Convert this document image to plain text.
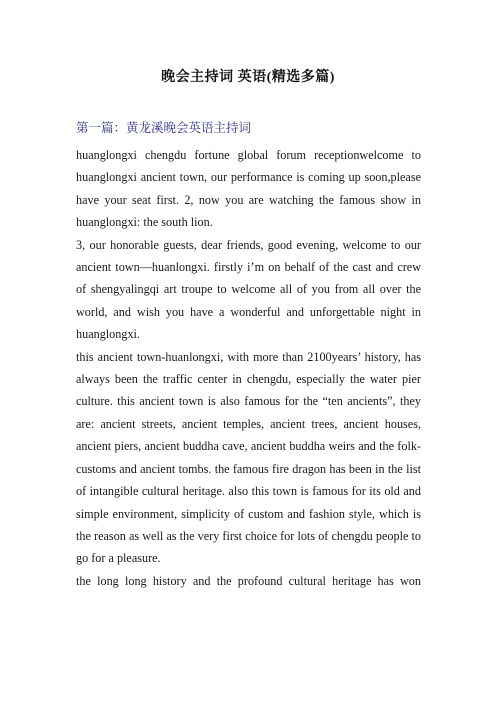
晚会主持词 英语(精选多篇)
第一篇：黄龙溪晚会英语主持词

huanglongxi chengdu fortune global forum receptionwelcome to huanglongxi ancient town, our performance is coming up soon,please have your seat first. 2, now you are watching the famous show in huanglongxi: the south lion.

3, our honorable guests, dear friends, good evening, welcome to our ancient town—huanlongxi. firstly i’m on behalf of the cast and crew of shengyalingqi art troupe to welcome all of you from all over the world, and wish you have a wonderful and unforgettable night in huanglongxi.

this ancient town-huanlongxi, with more than 2100years’ history, has always been the traffic center in chengdu, especially the water pier culture. this ancient town is also famous for the “ten ancients”, they are: ancient streets, ancient temples, ancient trees, ancient houses, ancient piers, ancient buddha cave, ancient buddha weirs and the folk-customs and ancient tombs. the famous fire dragon has been in the list of intangible cultural heritage. also this town is famous for its old and simple environment, simplicity of custom and fashion style, which is the reason as well as the very first choice for lots of chengdu people to go for a pleasure.

the long long history and the profound cultural heritage has won
